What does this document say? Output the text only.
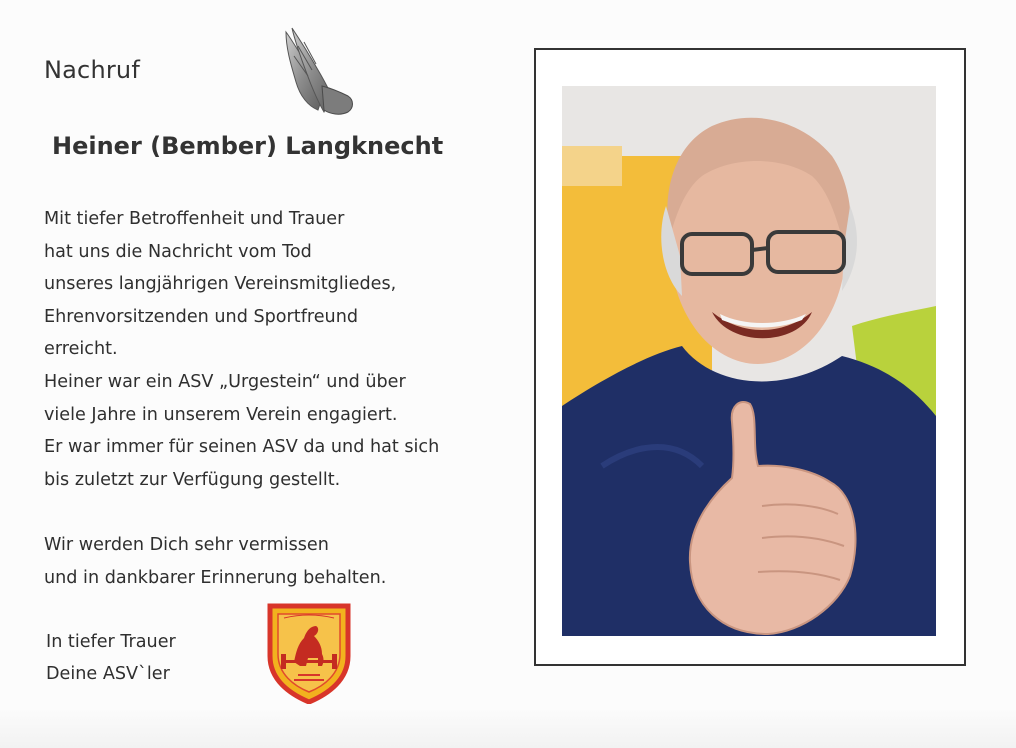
Nachruf
Heiner (Bember) Langknecht
Mit tiefer Betroffenheit und Trauer
hat uns die Nachricht vom Tod
unseres langjährigen Vereinsmitgliedes,
Ehrenvorsitzenden und Sportfreund
erreicht.
Heiner war ein ASV „Urgestein“ und über
viele Jahre in unserem Verein engagiert.
Er war immer für seinen ASV da und hat sich
bis zuletzt zur Verfügung gestellt.
Wir werden Dich sehr vermissen
und in dankbarer Erinnerung behalten.
In tiefer Trauer
Deine ASV`ler
